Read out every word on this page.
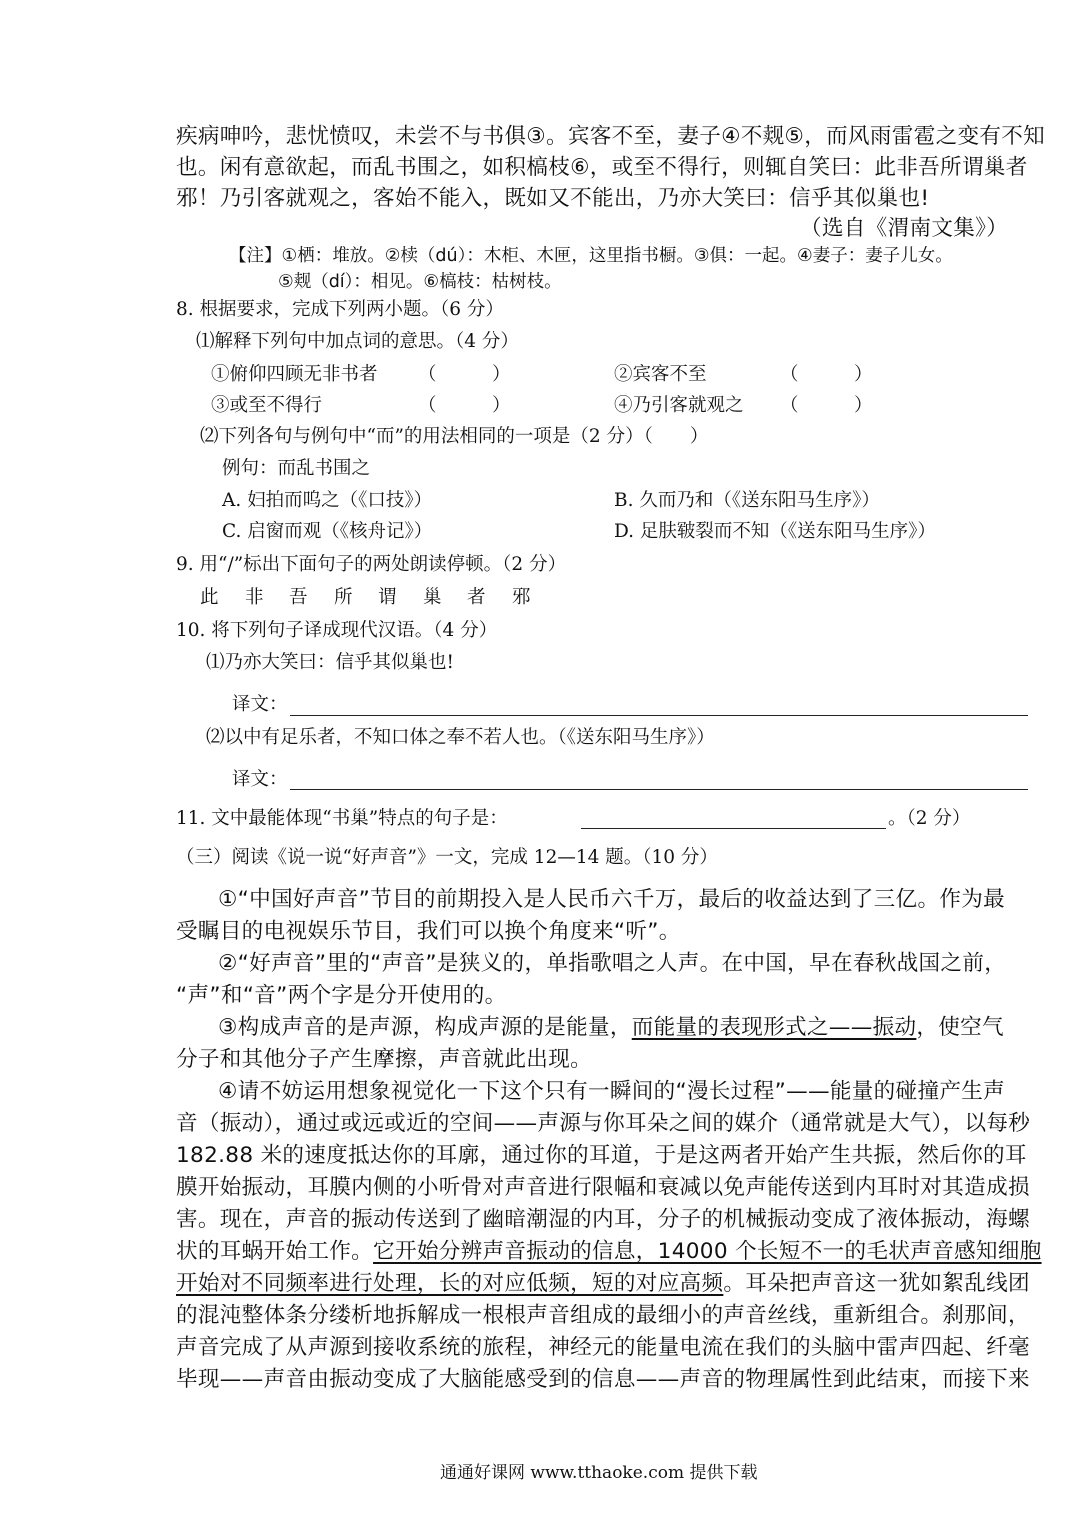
疾病呻吟，悲忧愤叹，未尝不与书俱③。宾客不至，妻子④不觌⑤，而风雨雷雹之变有不知
也。闲有意欲起，而乱书围之，如积槁枝⑥，或至不得行，则辄自笑曰：此非吾所谓巢者
邪！乃引客就观之，客始不能入，既如又不能出，乃亦大笑曰：信乎其似巢也!
（选自《渭南文集》）
【注】①栖：堆放。②椟（dú）：木柜、木匣，这里指书橱。③俱：一起。④妻子：妻子儿女。
⑤觌（dí）：相见。⑥槁枝：枯树枝。
8. 根据要求，完成下列两小题。（6 分）
⑴解释下列句中加点词的意思。（4 分）
①俯仰四顾无非书者 （　　　）	②宾客不至	（　　　）
③或至不得行	（　　　）	④乃引客就观之 （　　　）
⑵下列各句与例句中“而”的用法相同的一项是（2 分）（　　）
例句：而乱书围之
A. 妇拍而呜之（《口技》）	B. 久而乃和（《送东阳马生序》）
C. 启窗而观（《核舟记》）	D. 足肤皲裂而不知（《送东阳马生序》）
9. 用“/”标出下面句子的两处朗读停顿。（2 分）
此 非 吾 所 谓 巢 者 邪
10. 将下列句子译成现代汉语。（4 分）
⑴乃亦大笑曰：信乎其似巢也!
译文：
⑵以中有足乐者，不知口体之奉不若人也。（《送东阳马生序》）
译文：
11. 文中最能体现“书巢”特点的句子是：	。（2 分）
（三）阅读《说一说“好声音”》一文，完成 12—14 题。（10 分）
①“中国好声音”节目的前期投入是人民币六千万，最后的收益达到了三亿。作为最
受瞩目的电视娱乐节目，我们可以换个角度来“听”。
②“好声音”里的“声音”是狭义的，单指歌唱之人声。在中国，早在春秋战国之前，
“声”和“音”两个字是分开使用的。
③构成声音的是声源，构成声源的是能量，而能量的表现形式之——振动，使空气
分子和其他分子产生摩擦，声音就此出现。
④请不妨运用想象视觉化一下这个只有一瞬间的“漫长过程”——能量的碰撞产生声
音（振动），通过或远或近的空间——声源与你耳朵之间的媒介（通常就是大气），以每秒
182.88 米的速度抵达你的耳廓，通过你的耳道，于是这两者开始产生共振，然后你的耳
膜开始振动，耳膜内侧的小听骨对声音进行限幅和衰减以免声能传送到内耳时对其造成损
害。现在，声音的振动传送到了幽暗潮湿的内耳，分子的机械振动变成了液体振动，海螺
状的耳蜗开始工作。它开始分辨声音振动的信息，14000 个长短不一的毛状声音感知细胞
开始对不同频率进行处理，长的对应低频，短的对应高频。耳朵把声音这一犹如絮乱线团
的混沌整体条分缕析地拆解成一根根声音组成的最细小的声音丝线，重新组合。刹那间，
声音完成了从声源到接收系统的旅程，神经元的能量电流在我们的头脑中雷声四起、纤毫
毕现——声音由振动变成了大脑能感受到的信息——声音的物理属性到此结束，而接下来
通通好课网 www.tthaoke.com 提供下载
